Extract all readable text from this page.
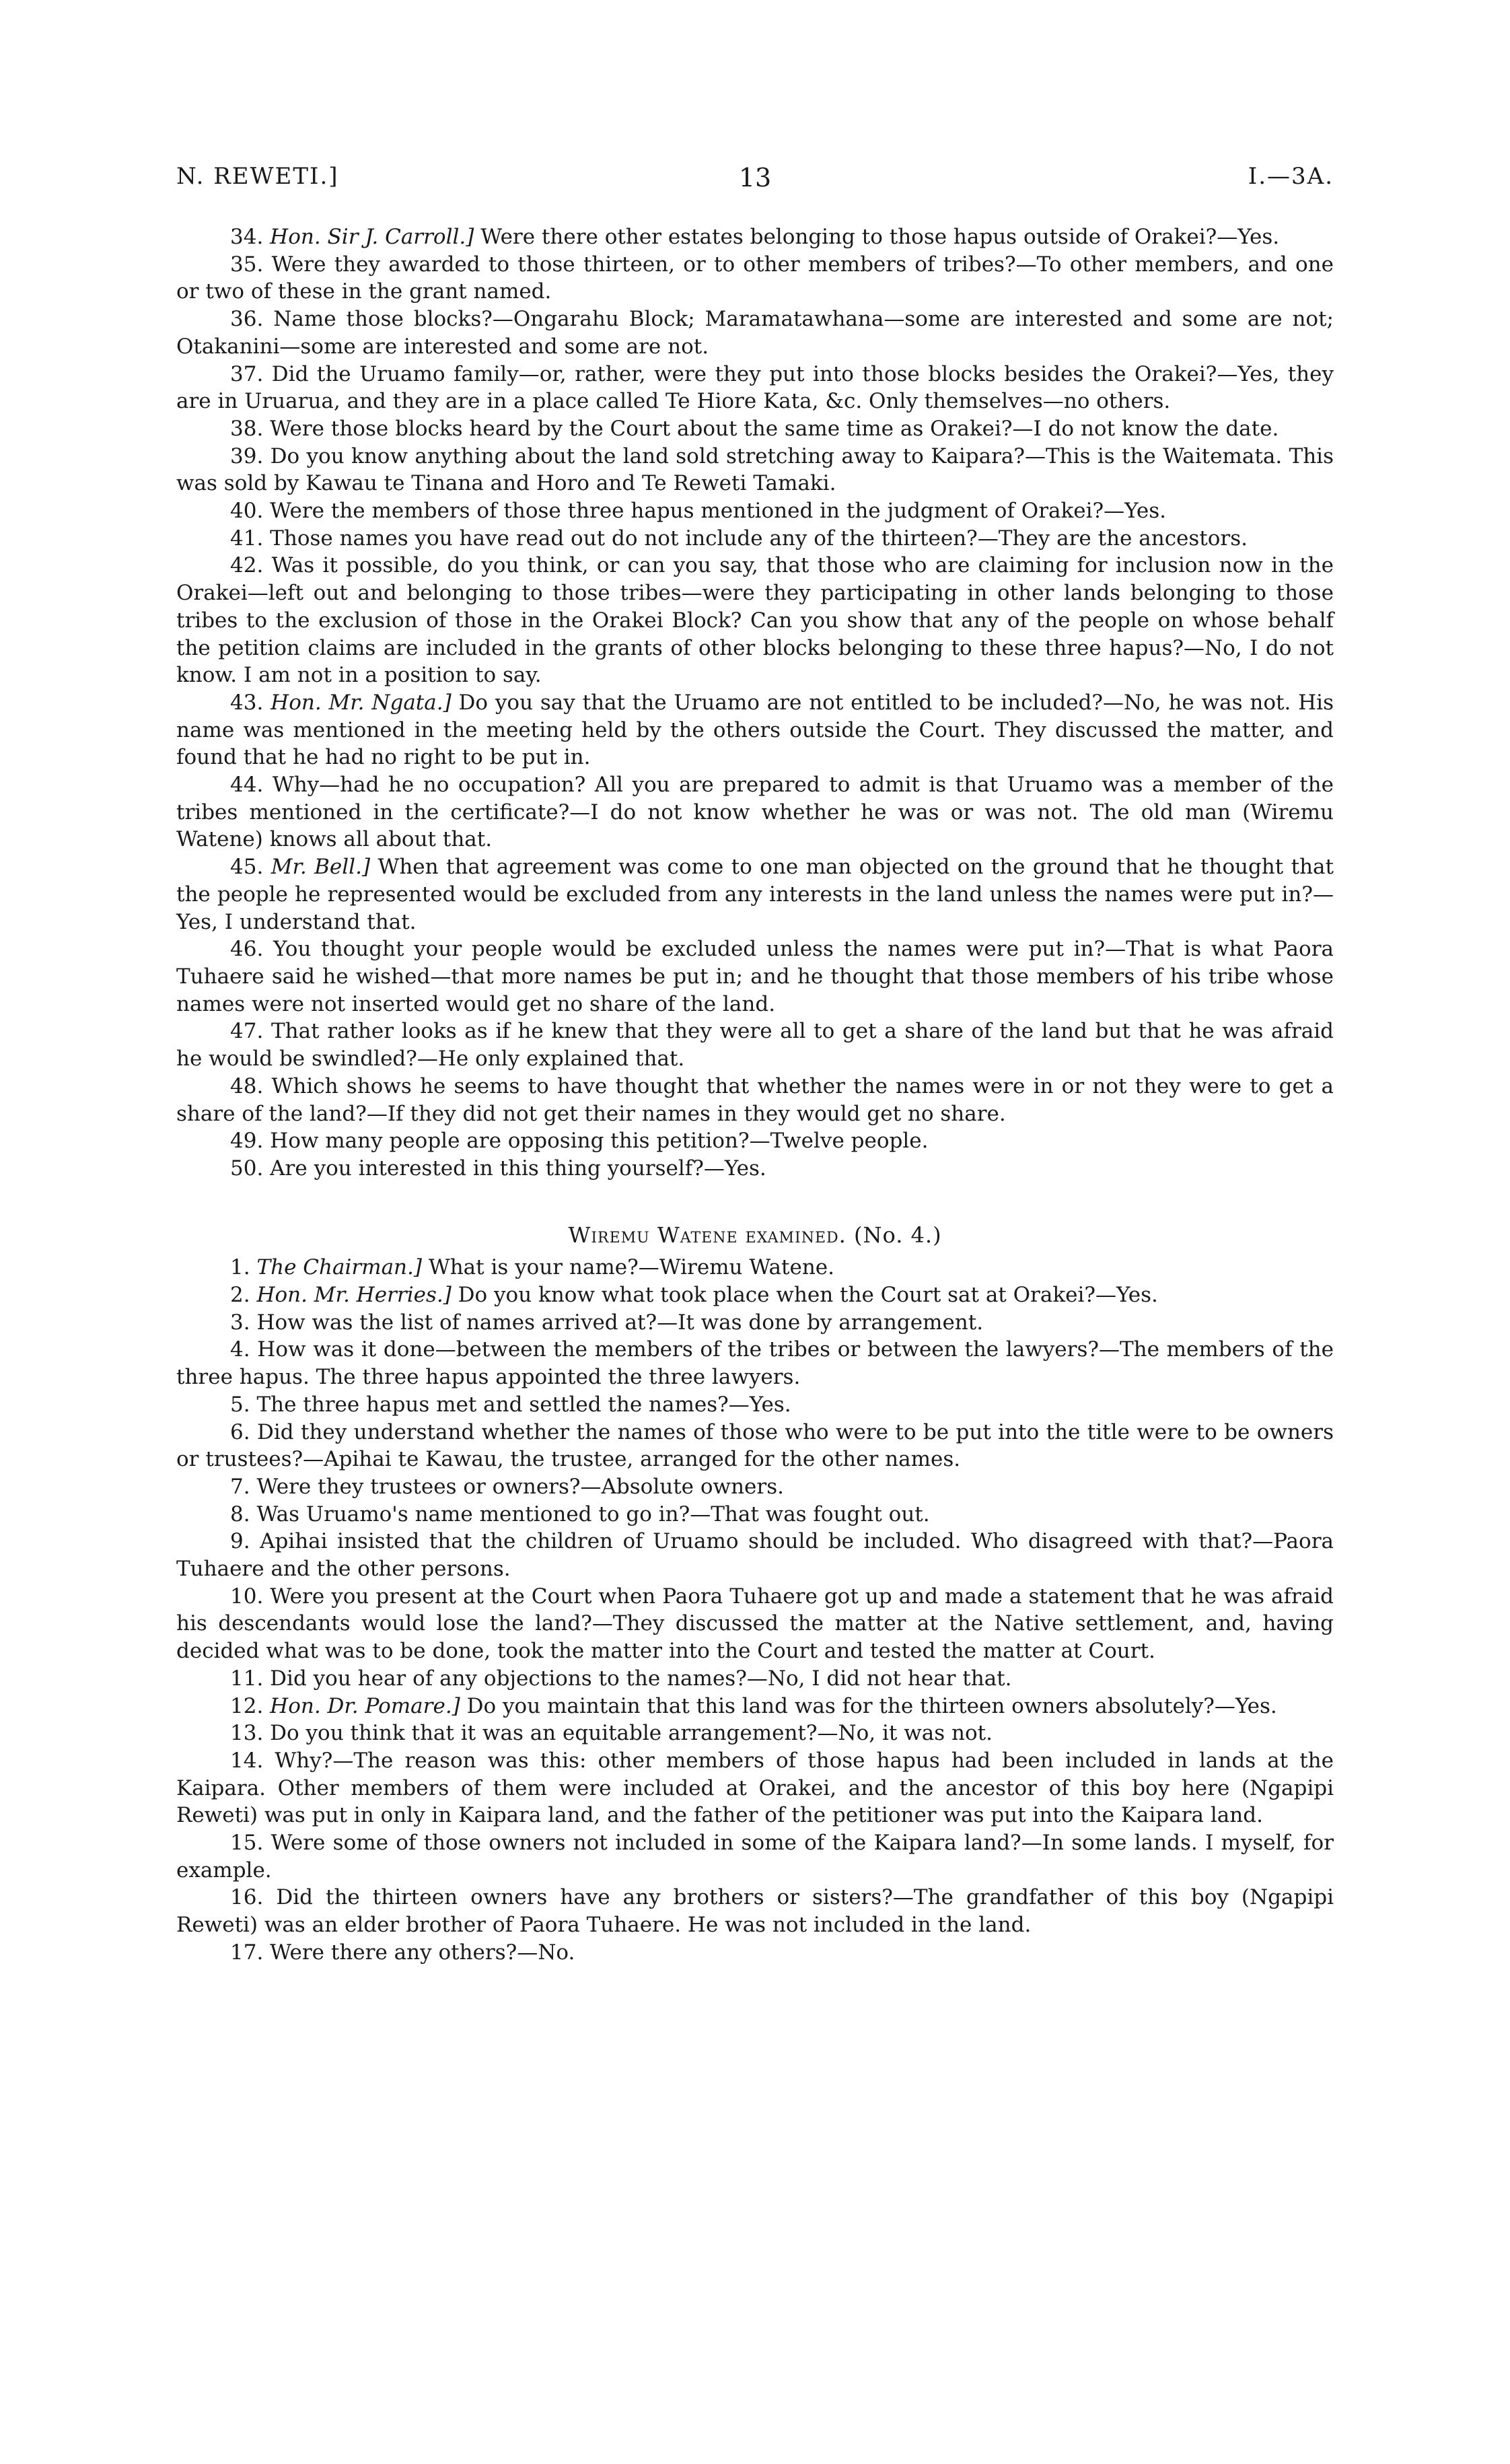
N. REWETI.]	13	I.—3A.

34. Hon. Sir J. Carroll.] Were there other estates belonging to those hapus outside of Orakei?—Yes.

35. Were they awarded to those thirteen, or to other members of tribes?—To other members, and one or two of these in the grant named.

36. Name those blocks?—Ongarahu Block; Maramatawhana—some are interested and some are not; Otakanini—some are interested and some are not.

37. Did the Uruamo family—or, rather, were they put into those blocks besides the Orakei?—Yes, they are in Uruarua, and they are in a place called Te Hiore Kata, &c. Only themselves—no others.

38. Were those blocks heard by the Court about the same time as Orakei?—I do not know the date.

39. Do you know anything about the land sold stretching away to Kaipara?—This is the Waitemata. This was sold by Kawau te Tinana and Horo and Te Reweti Tamaki.

40. Were the members of those three hapus mentioned in the judgment of Orakei?—Yes.

41. Those names you have read out do not include any of the thirteen?—They are the ancestors.

42. Was it possible, do you think, or can you say, that those who are claiming for inclusion now in the Orakei—left out and belonging to those tribes—were they participating in other lands belonging to those tribes to the exclusion of those in the Orakei Block? Can you show that any of the people on whose behalf the petition claims are included in the grants of other blocks belonging to these three hapus?—No, I do not know. I am not in a position to say.

43. Hon. Mr. Ngata.] Do you say that the Uruamo are not entitled to be included?—No, he was not. His name was mentioned in the meeting held by the others outside the Court. They discussed the matter, and found that he had no right to be put in.

44. Why—had he no occupation? All you are prepared to admit is that Uruamo was a member of the tribes mentioned in the certificate?—I do not know whether he was or was not. The old man (Wiremu Watene) knows all about that.

45. Mr. Bell.] When that agreement was come to one man objected on the ground that he thought that the people he represented would be excluded from any interests in the land unless the names were put in?—Yes, I understand that.

46. You thought your people would be excluded unless the names were put in?—That is what Paora Tuhaere said he wished—that more names be put in; and he thought that those members of his tribe whose names were not inserted would get no share of the land.

47. That rather looks as if he knew that they were all to get a share of the land but that he was afraid he would be swindled?—He only explained that.

48. Which shows he seems to have thought that whether the names were in or not they were to get a share of the land?—If they did not get their names in they would get no share.

49. How many people are opposing this petition?—Twelve people.

50. Are you interested in this thing yourself?—Yes.

Wiremu Watene examined. (No. 4.)

1. The Chairman.] What is your name?—Wiremu Watene.

2. Hon. Mr. Herries.] Do you know what took place when the Court sat at Orakei?—Yes.

3. How was the list of names arrived at?—It was done by arrangement.

4. How was it done—between the members of the tribes or between the lawyers?—The members of the three hapus. The three hapus appointed the three lawyers.

5. The three hapus met and settled the names?—Yes.

6. Did they understand whether the names of those who were to be put into the title were to be owners or trustees?—Apihai te Kawau, the trustee, arranged for the other names.

7. Were they trustees or owners?—Absolute owners.

8. Was Uruamo's name mentioned to go in?—That was fought out.

9. Apihai insisted that the children of Uruamo should be included. Who disagreed with that?—Paora Tuhaere and the other persons.

10. Were you present at the Court when Paora Tuhaere got up and made a statement that he was afraid his descendants would lose the land?—They discussed the matter at the Native settlement, and, having decided what was to be done, took the matter into the Court and tested the matter at Court.

11. Did you hear of any objections to the names?—No, I did not hear that.

12. Hon. Dr. Pomare.] Do you maintain that this land was for the thirteen owners absolutely?—Yes.

13. Do you think that it was an equitable arrangement?—No, it was not.

14. Why?—The reason was this: other members of those hapus had been included in lands at the Kaipara. Other members of them were included at Orakei, and the ancestor of this boy here (Ngapipi Reweti) was put in only in Kaipara land, and the father of the petitioner was put into the Kaipara land.

15. Were some of those owners not included in some of the Kaipara land?—In some lands. I myself, for example.

16. Did the thirteen owners have any brothers or sisters?—The grandfather of this boy (Ngapipi Reweti) was an elder brother of Paora Tuhaere. He was not included in the land.

17. Were there any others?—No.
